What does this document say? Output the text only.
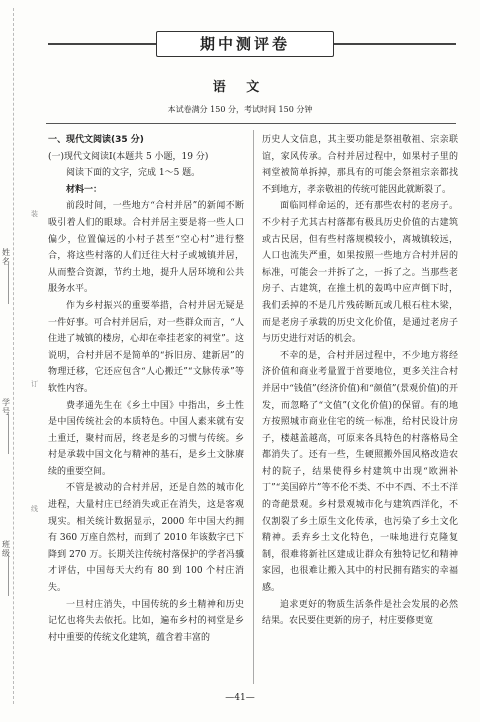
姓名
学号
班级
装
订
线
期中测评卷
语 文
本试卷满分 150 分，考试时间 150 分钟

一、现代文阅读(35 分)

(一)现代文阅读Ⅰ(本题共 5 小题，19 分)

阅读下面的文字，完成 1～5 题。

材料一：

前段时间，一些地方“合村并居”的新闻不断吸引着人们的眼球。合村并居主要是将一些人口偏少，位置偏远的小村子甚至“空心村”进行整合，将这些村落的人们迁往大村子或城镇并居，从而整合资源，节约土地，提升人居环境和公共服务水平。

作为乡村振兴的重要举措，合村并居无疑是一件好事。可合村并居后，对一些群众而言，“人住进了城镇的楼房，心却在牵挂老家的祠堂”。这说明，合村并居不是简单的“拆旧房、建新居”的物理迁移，它还应包含“人心搬迁”“文脉传承”等软性内容。

费孝通先生在《乡土中国》中指出，乡土性是中国传统社会的本质特色。中国人素来就有安土重迁，聚村而居，终老是乡的习惯与传统。乡村是承载中国文化与精神的基石，是乡土文脉赓续的重要空间。

不管是被动的合村并居，还是自然的城市化进程，大量村庄已经消失或正在消失，这是客观现实。相关统计数据显示，2000 年中国大约拥有 360 万座自然村，而到了 2010 年该数字已下降到 270 万。长期关注传统村落保护的学者冯骥才评估，中国每天大约有 80 到 100 个村庄消失。

一旦村庄消失，中国传统的乡土精神和历史记忆也将失去依托。比如，遍布乡村的祠堂是乡村中重要的传统文化建筑，蕴含着丰富的

历史人文信息，其主要功能是祭祖敬祖、宗亲联谊，家风传承。合村并居过程中，如果村子里的祠堂被简单拆掉，那具有的可能会祭祖宗亲都找不到地方，孝亲敬祖的传统可能因此就断裂了。

面临同样命运的，还有那些农村的老房子。不少村子尤其古村落都有极具历史价值的古建筑或古民居，但有些村落规模较小，离城镇较远，人口也流失严重，如果按照一些地方合村并居的标准，可能会一并拆了之，一拆了之。当那些老房子、古建筑，在推土机的轰鸣中应声倒下时，我们丢掉的不是几片残砖断瓦或几根石柱木梁，而是老房子承载的历史文化价值，是通过老房子与历史进行对话的机会。

不幸的是，合村并居过程中，不少地方将经济价值和商业考量置于首要地位，更多关注合村并居中“钱值”(经济价值)和“颜值”(景观价值)的开发，而忽略了“文值”(文化价值)的保留。有的地方按照城市商业住宅的统一标准，给村民设计房子，楼越盖越高，可原来各具特色的村落格局全都消失了。还有一些，生硬照搬外国风格改造农村的院子，结果使得乡村建筑中出现“欧洲补丁”“美国碎片”等不伦不类、不中不西、不土不洋的奇葩景观。乡村景观城市化与建筑西洋化，不仅割裂了乡土原生文化传承，也污染了乡土文化精神。丢弃乡土文化特色，一味地进行克隆复制，很难将新社区建成让群众有独特记忆和精神家园，也很难让搬入其中的村民拥有踏实的幸福感。

追求更好的物质生活条件是社会发展的必然结果。农民要住更新的房子，村庄要修更宽

—41—
